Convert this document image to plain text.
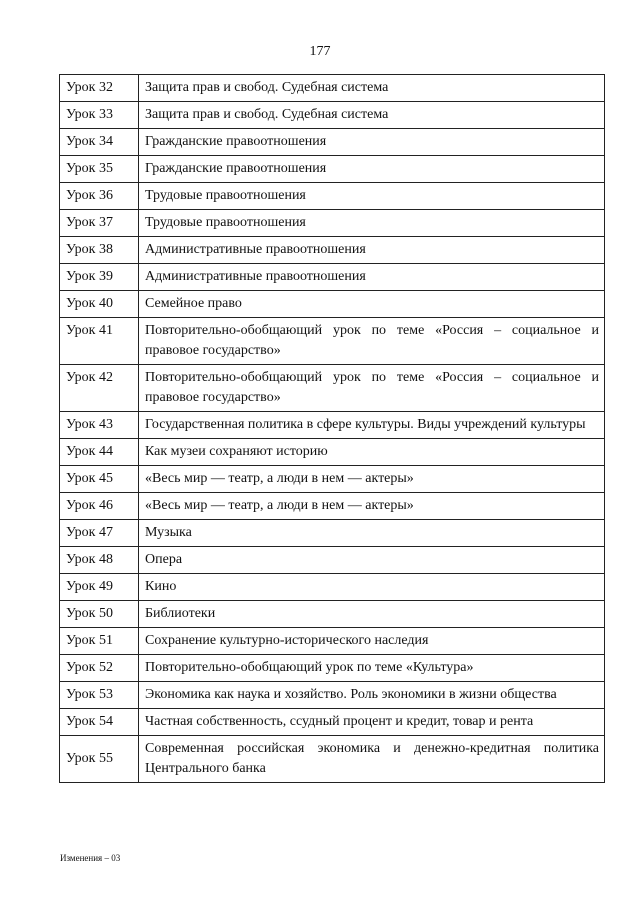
177
Урок 32	Защита прав и свобод. Судебная система
Урок 33	Защита прав и свобод. Судебная система
Урок 34	Гражданские правоотношения
Урок 35	Гражданские правоотношения
Урок 36	Трудовые правоотношения
Урок 37	Трудовые правоотношения
Урок 38	Административные правоотношения
Урок 39	Административные правоотношения
Урок 40	Семейное право
Урок 41	Повторительно-обобщающий урок по теме «Россия – социальное и правовое государство»
Урок 42	Повторительно-обобщающий урок по теме «Россия – социальное и правовое государство»
Урок 43	Государственная политика в сфере культуры. Виды учреждений культуры
Урок 44	Как музеи сохраняют историю
Урок 45	«Весь мир — театр, а люди в нем — актеры»
Урок 46	«Весь мир — театр, а люди в нем — актеры»
Урок 47	Музыка
Урок 48	Опера
Урок 49	Кино
Урок 50	Библиотеки
Урок 51	Сохранение культурно-исторического наследия
Урок 52	Повторительно-обобщающий урок по теме «Культура»
Урок 53	Экономика как наука и хозяйство. Роль экономики в жизни общества
Урок 54	Частная собственность, ссудный процент и кредит, товар и рента
Урок 55	Современная российская экономика и денежно-кредитная политика Центрального банка
Изменения – 03
